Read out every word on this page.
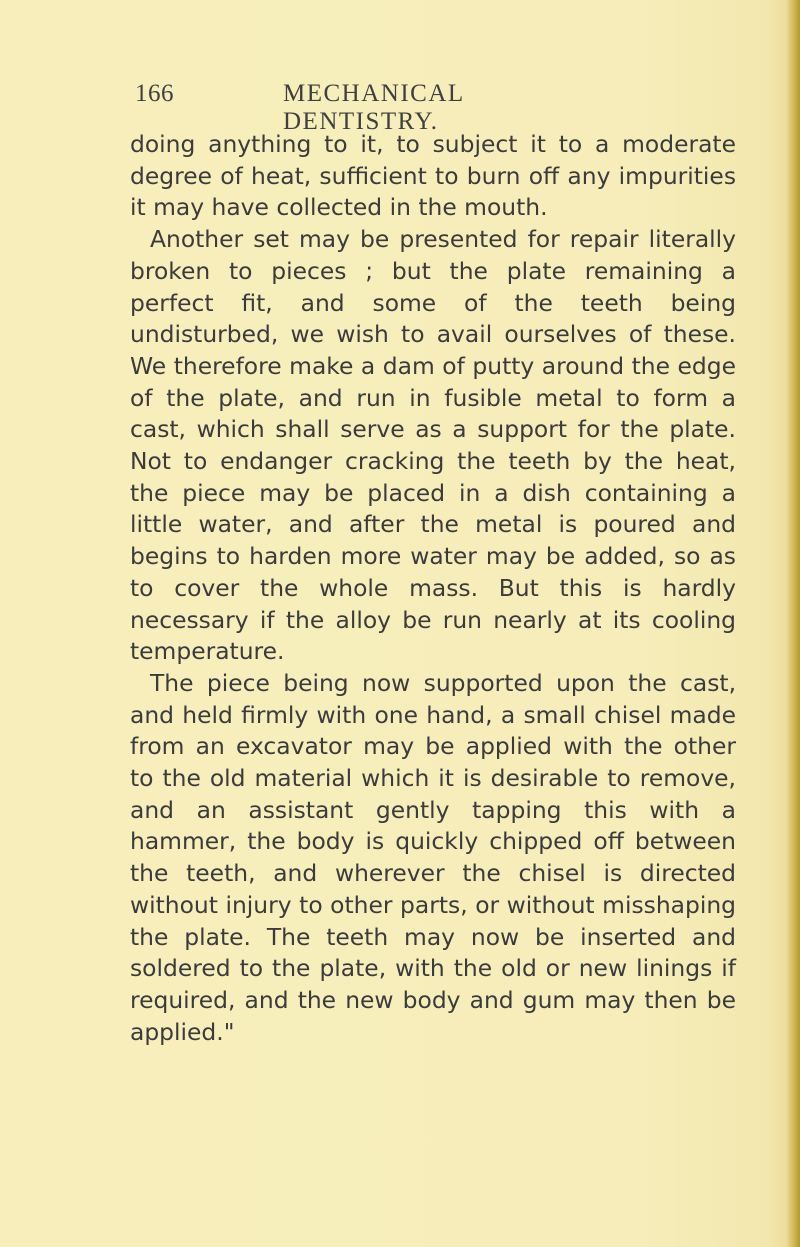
166	MECHANICAL DENTISTRY.

doing anything to it, to subject it to a moderate degree of heat, sufficient to burn off any impurities it may have collected in the mouth.

Another set may be presented for repair literally broken to pieces ; but the plate remaining a perfect fit, and some of the teeth being undisturbed, we wish to avail ourselves of these. We therefore make a dam of putty around the edge of the plate, and run in fusible metal to form a cast, which shall serve as a support for the plate. Not to endanger cracking the teeth by the heat, the piece may be placed in a dish containing a little water, and after the metal is poured and begins to harden more water may be added, so as to cover the whole mass. But this is hardly necessary if the alloy be run nearly at its cooling temperature.

The piece being now supported upon the cast, and held firmly with one hand, a small chisel made from an excavator may be applied with the other to the old material which it is desirable to remove, and an assistant gently tapping this with a hammer, the body is quickly chipped off between the teeth, and wherever the chisel is directed without injury to other parts, or without misshaping the plate. The teeth may now be inserted and soldered to the plate, with the old or new linings if required, and the new body and gum may then be applied."
